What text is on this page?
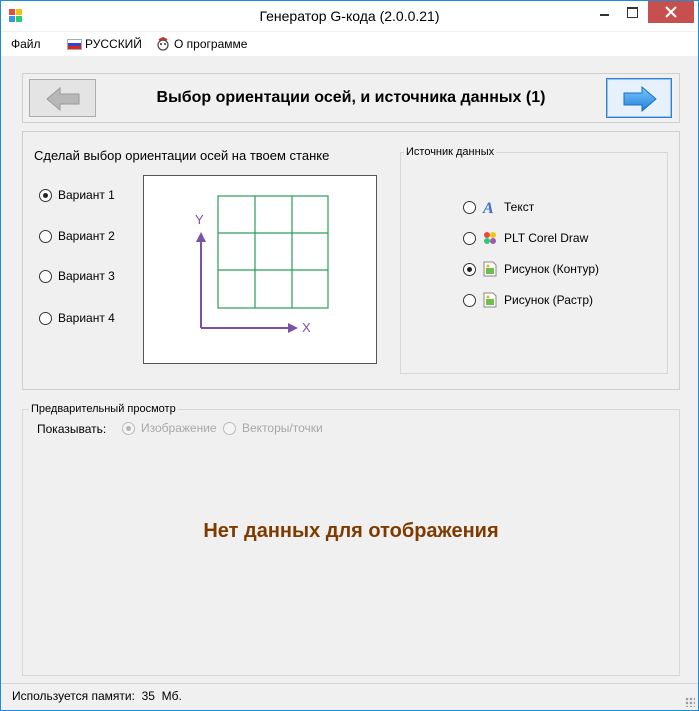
Генератор G-кода (2.0.0.21)
Файл	РУССКИЙ	О программе
Выбор ориентации осей, и источника данных (1)
Сделай выбор ориентации осей на твоем станке
Вариант 1
Вариант 2
Вариант 3
Вариант 4
Y
X
Источник данных
A Текст
PLT Corel Draw
Рисунок (Контур)
Рисунок (Растр)
Предварительный просмотр
Показывать:	Изображение Векторы/точки
Нет данных для отображения
Используется памяти: 35 Мб.
